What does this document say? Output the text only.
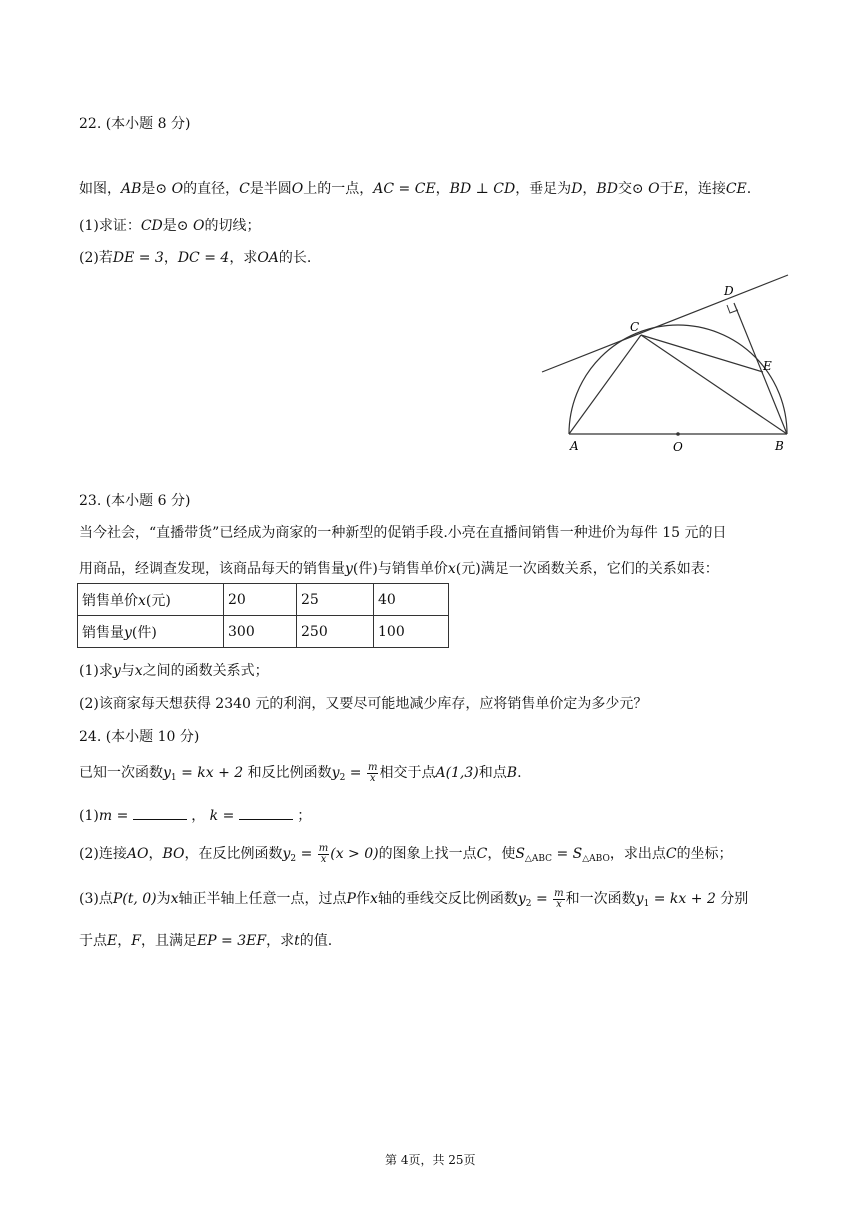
22. (本小题 8 分)
如图，AB是⊙ O的直径，C是半圆O上的一点，AC = CE，BD ⊥ CD，垂足为D，BD交⊙ O于E，连接CE.
(1)求证：CD是⊙ O的切线；
(2)若DE = 3，DC = 4，求OA的长.
A	O	B
C
D
E
23. (本小题 6 分)
当今社会，“直播带货”已经成为商家的一种新型的促销手段.小亮在直播间销售一种进价为每件 15 元的日
用商品，经调查发现，该商品每天的销售量y(件)与销售单价x(元)满足一次函数关系，它们的关系如表：
销售单价x(元)	20	25	40
销售量y(件)	300	250	100
(1)求y与x之间的函数关系式；
(2)该商家每天想获得 2340 元的利润，又要尽可能地减少库存，应将销售单价定为多少元？
24. (本小题 10 分)
已知一次函数$y_1$ = kx + 2 和反比例函数$y_2 = \frac{m}{x}$ 相交于点A(1,3)和点B.
(1)m =	， k =	；
(2)连接AO，BO，在反比例函数$y_2 = \frac{m}{x} (x > 0)$的图象上找一点C，使$S_{\triangle ABC} = S_{\triangle ABO}$，求出点C的坐标；
(3)点P(t, 0)为x轴正半轴上任意一点，过点P作x轴的垂线交反比例函数$y_2 = \frac{m}{x}$ 和一次函数$y_1$ = kx + 2 分别
于点E，F，且满足EP = 3EF，求t的值.
第 4页，共 25页
